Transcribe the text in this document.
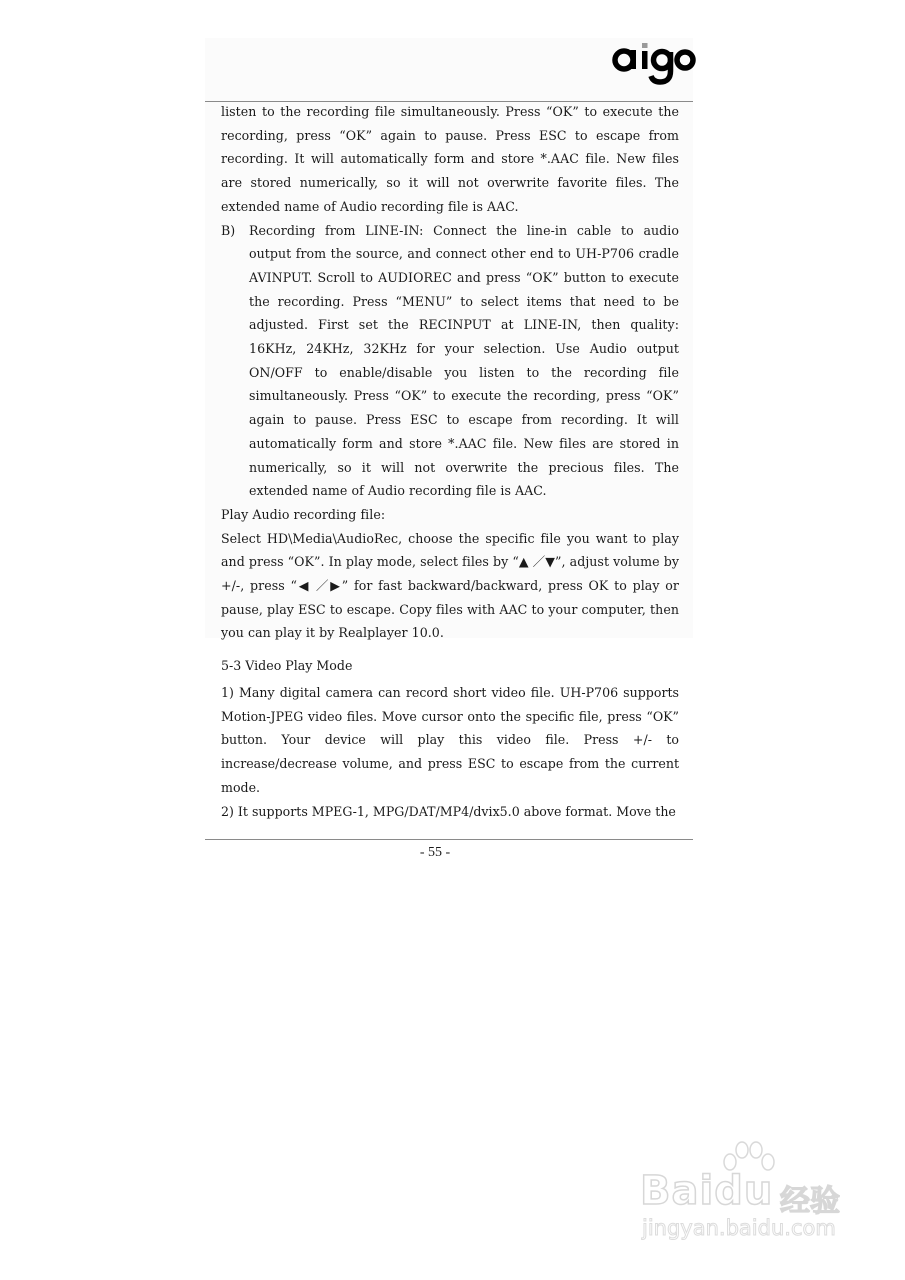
listen to the recording file simultaneously. Press “OK” to execute the recording, press “OK” again to pause. Press ESC to escape from recording. It will automatically form and store *.AAC file. New files are stored numerically, so it will not overwrite favorite files. The extended name of Audio recording file is AAC.

B)	Recording from LINE-IN: Connect the line-in cable to audio output from the source, and connect other end to UH-P706 cradle AVINPUT. Scroll to AUDIOREC and press “OK” button to execute the recording. Press “MENU” to select items that need to be adjusted. First set the RECINPUT at LINE-IN, then quality: 16KHz, 24KHz, 32KHz for your selection. Use Audio output ON/OFF to enable/disable you listen to the recording file simultaneously. Press “OK” to execute the recording, press “OK” again to pause. Press ESC to escape from recording. It will automatically form and store *.AAC file. New files are stored in numerically, so it will not overwrite the precious files. The extended name of Audio recording file is AAC.

Play Audio recording file:

Select HD\Media\AudioRec, choose the specific file you want to play and press “OK”. In play mode, select files by “▲ ／▼”, adjust volume by +/-, press “◀ ／▶” for fast backward/backward, press OK to play or pause, play ESC to escape. Copy files with AAC to your computer, then you can play it by Realplayer 10.0.

5-3 Video Play Mode

1) Many digital camera can record short video file. UH-P706 supports Motion-JPEG video files. Move cursor onto the specific file, press “OK” button. Your device will play this video file. Press +/- to increase/decrease volume, and press ESC to escape from the current mode.

2) It supports MPEG-1, MPG/DAT/MP4/dvix5.0 above format. Move the

- 55 -
Baidu 经验
jingyan.baidu.com
